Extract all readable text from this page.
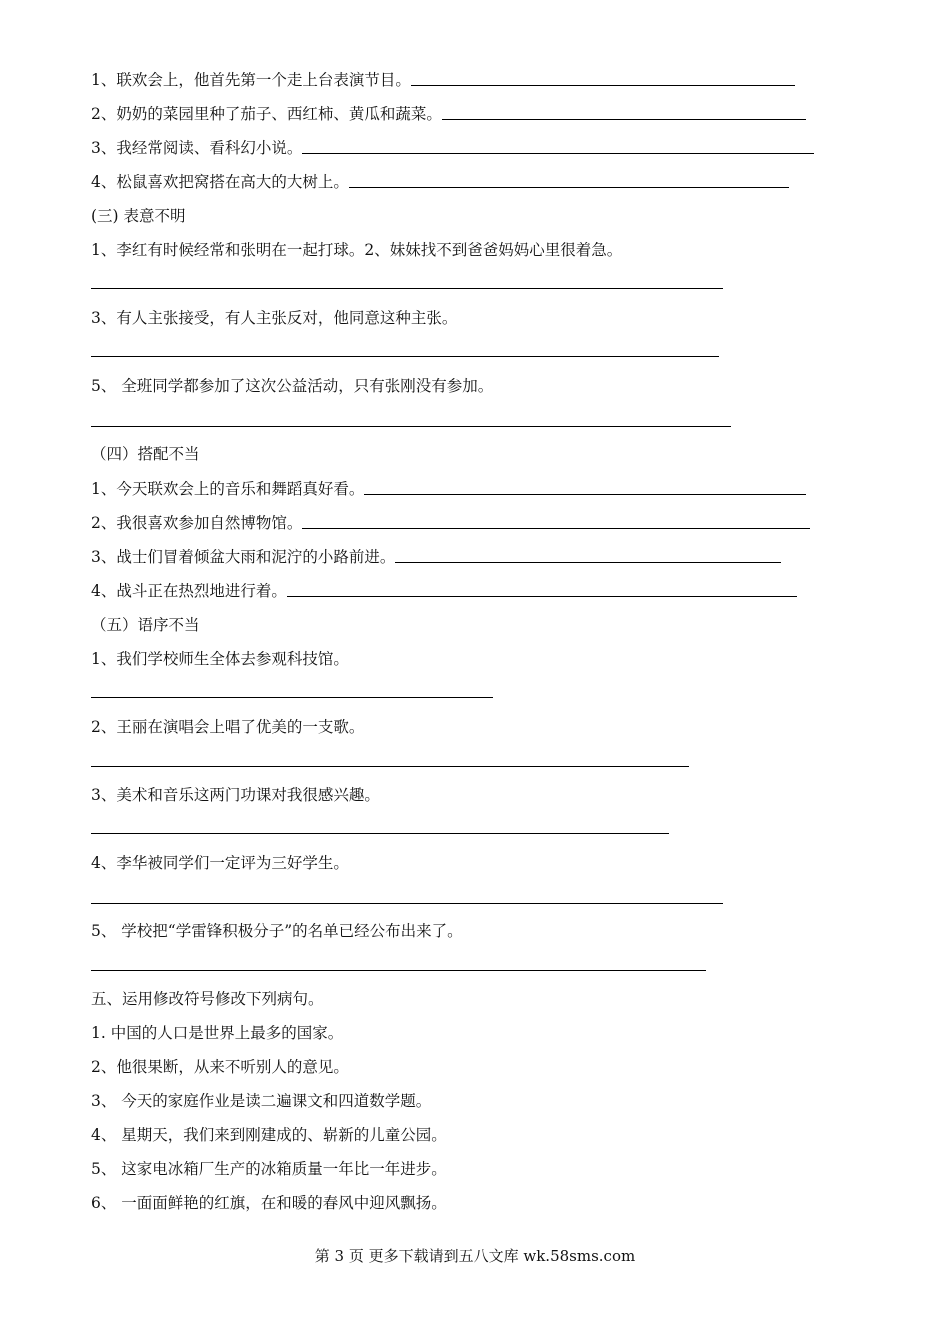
1、联欢会上，他首先第一个走上台表演节目。
2、奶奶的菜园里种了茄子、西红柿、黄瓜和蔬菜。
3、我经常阅读、看科幻小说。
4、松鼠喜欢把窝搭在高大的大树上。
(三) 表意不明
1、李红有时候经常和张明在一起打球。2、妹妹找不到爸爸妈妈心里很着急。
3、有人主张接受，有人主张反对，他同意这种主张。
5、 全班同学都参加了这次公益活动，只有张刚没有参加。
（四）搭配不当
1、今天联欢会上的音乐和舞蹈真好看。
2、我很喜欢参加自然博物馆。
3、战士们冒着倾盆大雨和泥泞的小路前进。
4、战斗正在热烈地进行着。
（五）语序不当
1、我们学校师生全体去参观科技馆。
2、王丽在演唱会上唱了优美的一支歌。
3、美术和音乐这两门功课对我很感兴趣。
4、李华被同学们一定评为三好学生。
5、 学校把“学雷锋积极分子”的名单已经公布出来了。
五、运用修改符号修改下列病句。
1. 中国的人口是世界上最多的国家。
2、他很果断，从来不听别人的意见。
3、 今天的家庭作业是读二遍课文和四道数学题。
4、 星期天，我们来到刚建成的、崭新的儿童公园。
5、 这家电冰箱厂生产的冰箱质量一年比一年进步。
6、 一面面鲜艳的红旗，在和暖的春风中迎风飘扬。
第 3 页 更多下载请到五八文库 wk.58sms.com
